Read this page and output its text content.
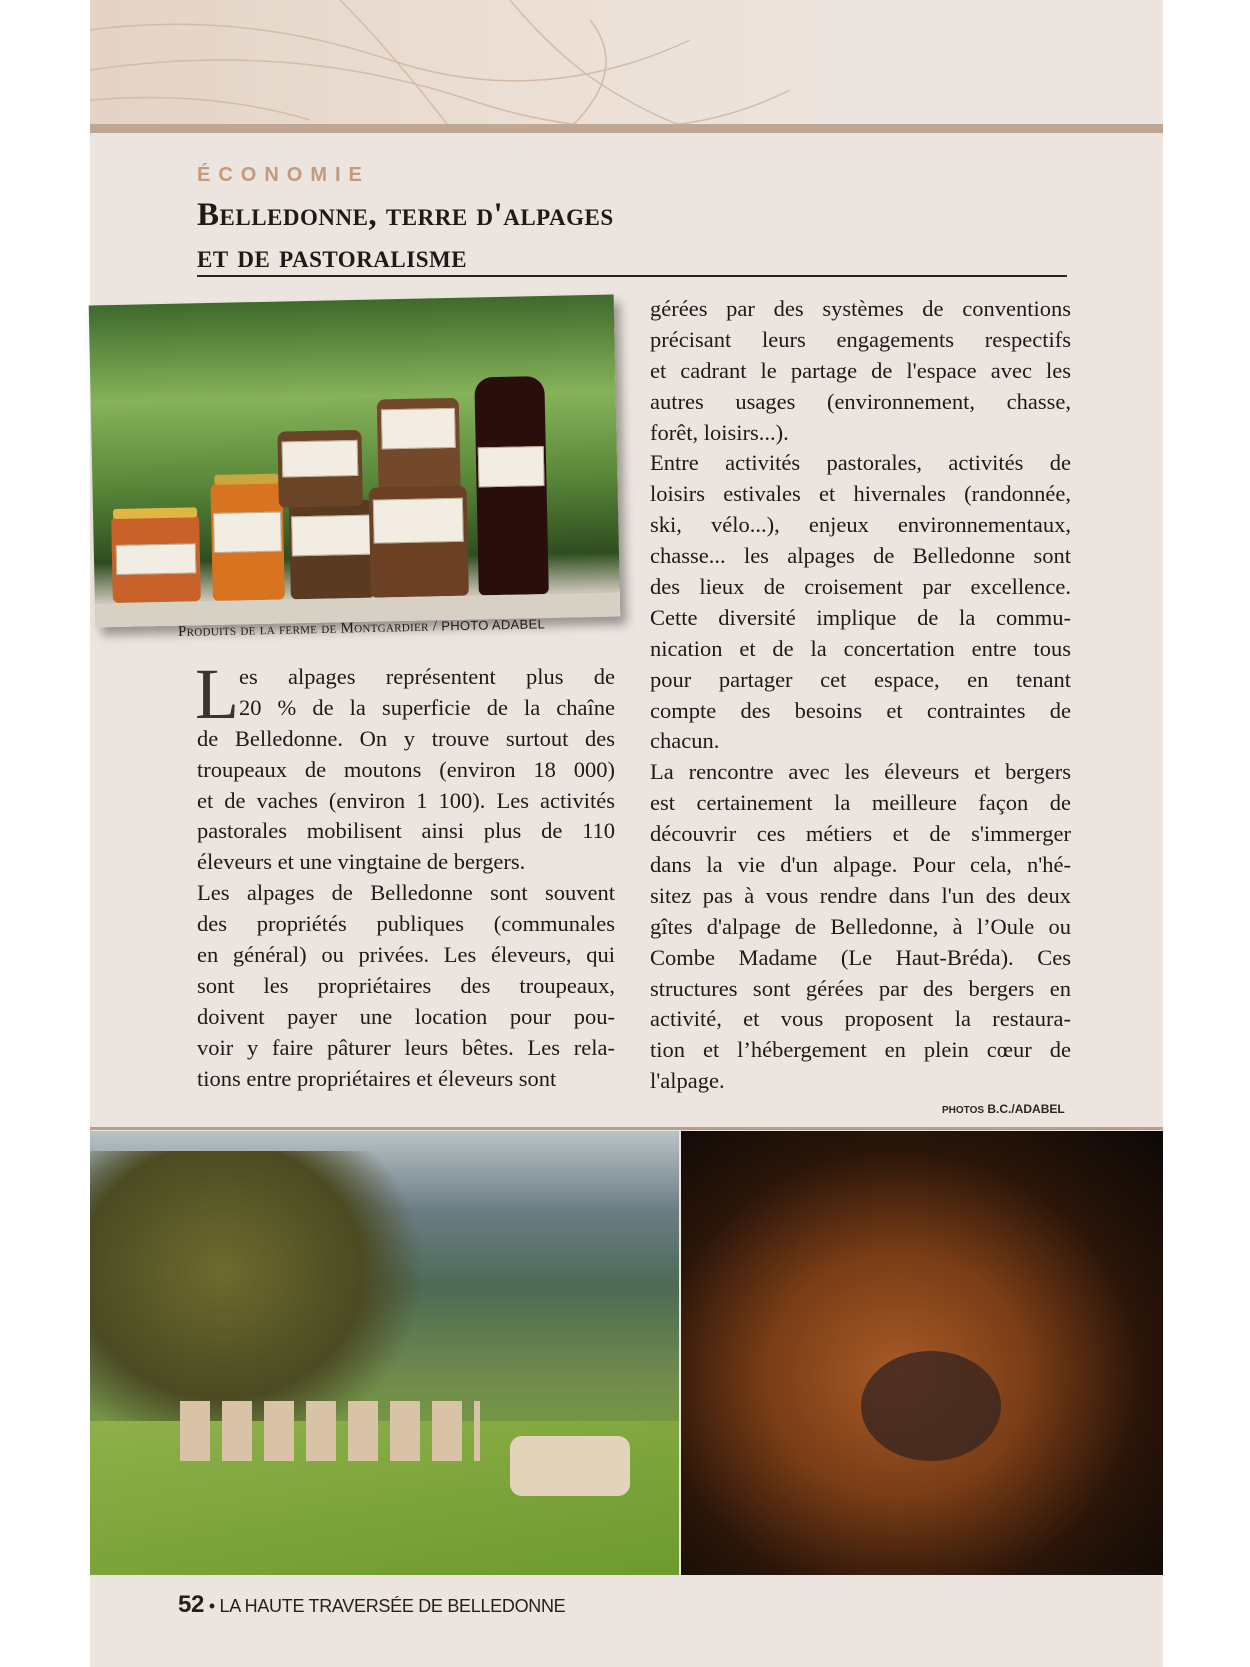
ÉCONOMIE
Belledonne, terre d'alpages
et de pastoralisme
Produits de la ferme de Montgardier / PHOTO ADABEL
L es alpages représentent plus de
20 % de la superficie de la chaîne
de Belledonne. On y trouve surtout des
troupeaux de moutons (environ 18 000)
et de vaches (environ 1 100). Les activités
pastorales mobilisent ainsi plus de 110
éleveurs et une vingtaine de bergers.
Les alpages de Belledonne sont souvent
des propriétés publiques (communales
en général) ou privées. Les éleveurs, qui
sont les propriétaires des troupeaux,
doivent payer une location pour pou-
voir y faire pâturer leurs bêtes. Les rela-
tions entre propriétaires et éleveurs sont
gérées par des systèmes de conventions
précisant leurs engagements respectifs
et cadrant le partage de l'espace avec les
autres usages (environnement, chasse,
forêt, loisirs...).
Entre activités pastorales, activités de
loisirs estivales et hivernales (randonnée,
ski, vélo...), enjeux environnementaux,
chasse... les alpages de Belledonne sont
des lieux de croisement par excellence.
Cette diversité implique de la commu-
nication et de la concertation entre tous
pour partager cet espace, en tenant
compte des besoins et contraintes de
chacun.
La rencontre avec les éleveurs et bergers
est certainement la meilleure façon de
découvrir ces métiers et de s'immerger
dans la vie d'un alpage. Pour cela, n'hé-
sitez pas à vous rendre dans l'un des deux
gîtes d'alpage de Belledonne, à l’Oule ou
Combe Madame (Le Haut-Bréda). Ces
structures sont gérées par des bergers en
activité, et vous proposent la restaura-
tion et l’hébergement en plein cœur de
l'alpage.
PHOTOS B.C./ADABEL
52 • LA HAUTE TRAVERSÉE DE BELLEDONNE
